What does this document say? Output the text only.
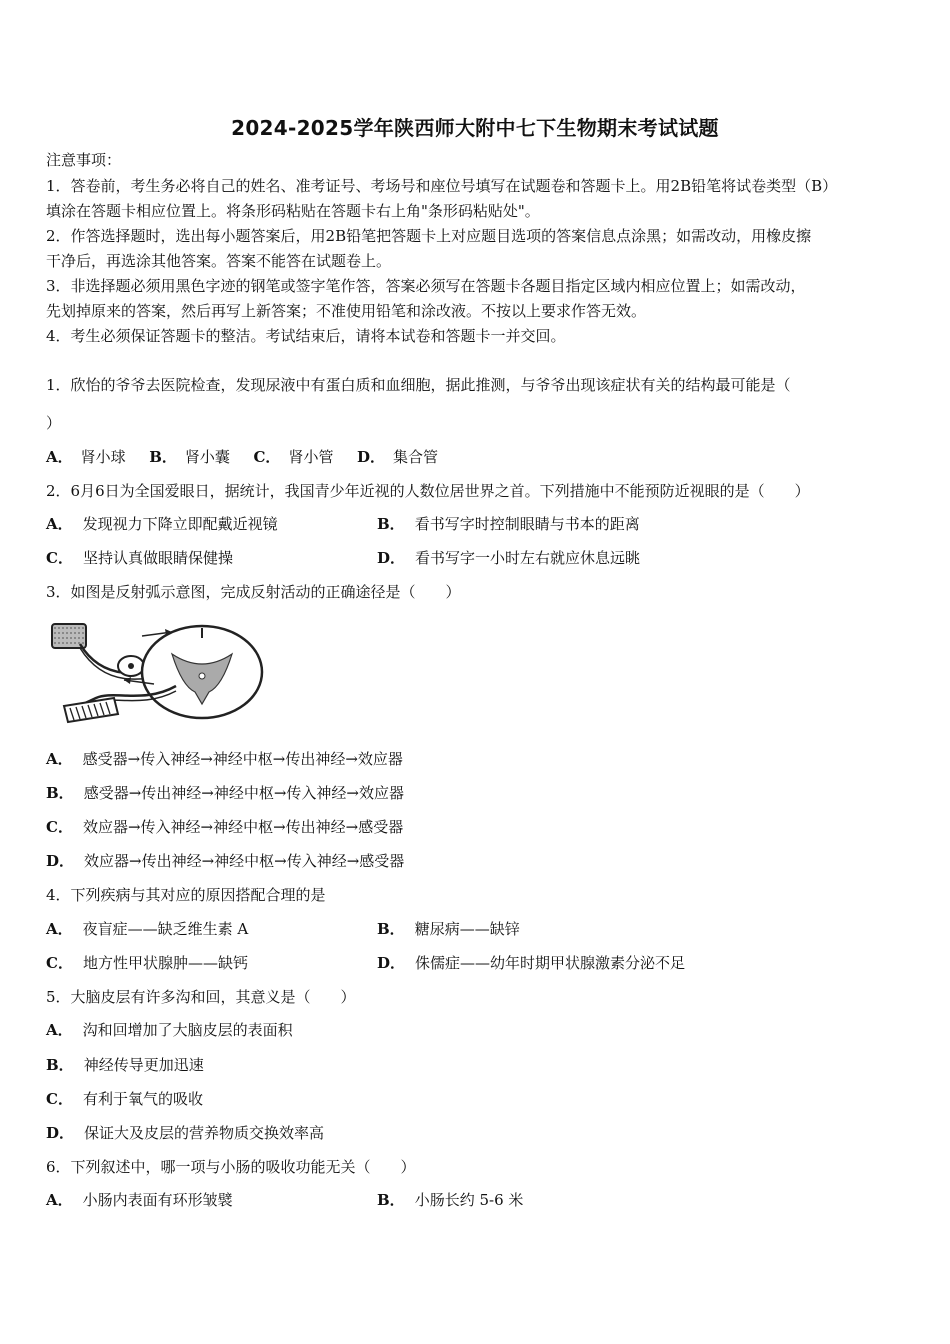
2024-2025学年陕西师大附中七下生物期末考试试题
注意事项：
1．答卷前，考生务必将自己的姓名、准考证号、考场号和座位号填写在试题卷和答题卡上。用2B铅笔将试卷类型（B）
填涂在答题卡相应位置上。将条形码粘贴在答题卡右上角"条形码粘贴处"。
2．作答选择题时，选出每小题答案后，用2B铅笔把答题卡上对应题目选项的答案信息点涂黑；如需改动，用橡皮擦
干净后，再选涂其他答案。答案不能答在试题卷上。
3．非选择题必须用黑色字迹的钢笔或签字笔作答，答案必须写在答题卡各题目指定区域内相应位置上；如需改动，
先划掉原来的答案，然后再写上新答案；不准使用铅笔和涂改液。不按以上要求作答无效。
4．考生必须保证答题卡的整洁。考试结束后，请将本试卷和答题卡一并交回。
1．欣怡的爷爷去医院检查，发现尿液中有蛋白质和血细胞，据此推测，与爷爷出现该症状有关的结构最可能是（
）
A． 肾小球 B． 肾小囊 C． 肾小管 D． 集合管
2．6月6日为全国爱眼日，据统计，我国青少年近视的人数位居世界之首。下列措施中不能预防近视眼的是（　　）
A． 发现视力下降立即配戴近视镜	B． 看书写字时控制眼睛与书本的距离
C． 坚持认真做眼睛保健操	D． 看书写字一小时左右就应休息远眺
3．如图是反射弧示意图，完成反射活动的正确途径是（　　）
A． 感受器→传入神经→神经中枢→传出神经→效应器
B． 感受器→传出神经→神经中枢→传入神经→效应器
C． 效应器→传入神经→神经中枢→传出神经→感受器
D． 效应器→传出神经→神经中枢→传入神经→感受器
4．下列疾病与其对应的原因搭配合理的是
A． 夜盲症——缺乏维生素 A	B． 糖尿病——缺锌
C． 地方性甲状腺肿——缺钙	D． 侏儒症——幼年时期甲状腺激素分泌不足
5．大脑皮层有许多沟和回，其意义是（　　）
A． 沟和回增加了大脑皮层的表面积
B． 神经传导更加迅速
C． 有利于氧气的吸收
D． 保证大及皮层的营养物质交换效率高
6．下列叙述中，哪一项与小肠的吸收功能无关（　　）
A． 小肠内表面有环形皱襞	B． 小肠长约 5-6 米
